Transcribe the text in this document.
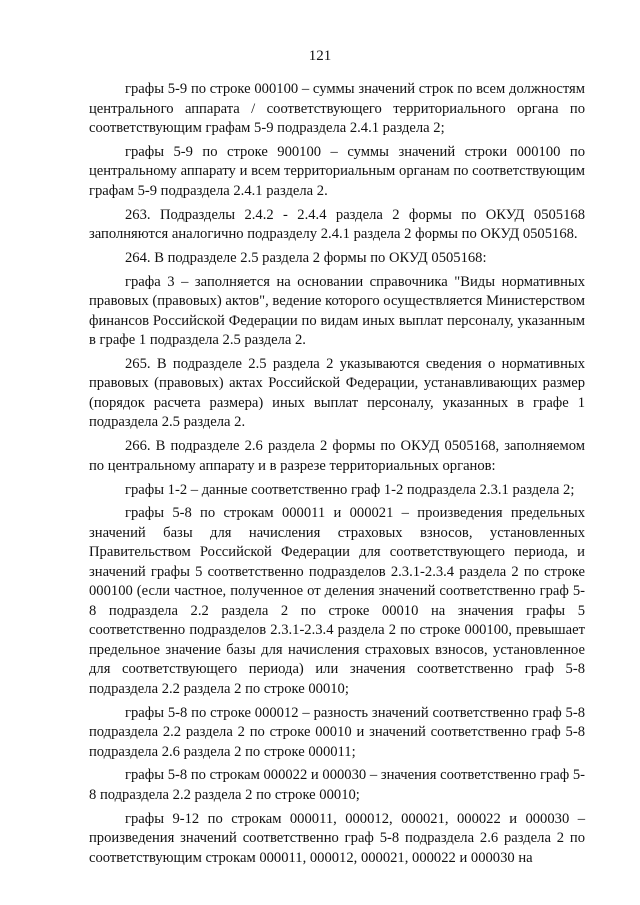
121

графы 5-9 по строке 000100 – суммы значений строк по всем должностям центрального аппарата / соответствующего территориального органа по соответствующим графам 5-9 подраздела 2.4.1 раздела 2;

графы 5-9 по строке 900100 – суммы значений строки 000100 по центральному аппарату и всем территориальным органам по соответствующим графам 5-9 подраздела 2.4.1 раздела 2.

263. Подразделы 2.4.2 - 2.4.4 раздела 2 формы по ОКУД 0505168 заполняются аналогично подразделу 2.4.1 раздела 2 формы по ОКУД 0505168.

264. В подразделе 2.5 раздела 2 формы по ОКУД 0505168:

графа 3 – заполняется на основании справочника "Виды нормативных правовых (правовых) актов", ведение которого осуществляется Министерством финансов Российской Федерации по видам иных выплат персоналу, указанным в графе 1 подраздела 2.5 раздела 2.

265. В подразделе 2.5 раздела 2 указываются сведения о нормативных правовых (правовых) актах Российской Федерации, устанавливающих размер (порядок расчета размера) иных выплат персоналу, указанных в графе 1 подраздела 2.5 раздела 2.

266. В подразделе 2.6 раздела 2 формы по ОКУД 0505168, заполняемом по центральному аппарату и в разрезе территориальных органов:

графы 1-2 – данные соответственно граф 1-2 подраздела 2.3.1 раздела 2;

графы 5-8 по строкам 000011 и 000021 – произведения предельных значений базы для начисления страховых взносов, установленных Правительством Российской Федерации для соответствующего периода, и значений графы 5 соответственно подразделов 2.3.1-2.3.4 раздела 2 по строке 000100 (если частное, полученное от деления значений соответственно граф 5-8 подраздела 2.2 раздела 2 по строке 00010 на значения графы 5 соответственно подразделов 2.3.1-2.3.4 раздела 2 по строке 000100, превышает предельное значение базы для начисления страховых взносов, установленное для соответствующего периода) или значения соответственно граф 5-8 подраздела 2.2 раздела 2 по строке 00010;

графы 5-8 по строке 000012 – разность значений соответственно граф 5-8 подраздела 2.2 раздела 2 по строке 00010 и значений соответственно граф 5-8 подраздела 2.6 раздела 2 по строке 000011;

графы 5-8 по строкам 000022 и 000030 – значения соответственно граф 5-8 подраздела 2.2 раздела 2 по строке 00010;

графы 9-12 по строкам 000011, 000012, 000021, 000022 и 000030 – произведения значений соответственно граф 5-8 подраздела 2.6 раздела 2 по соответствующим строкам 000011, 000012, 000021, 000022 и 000030 на
